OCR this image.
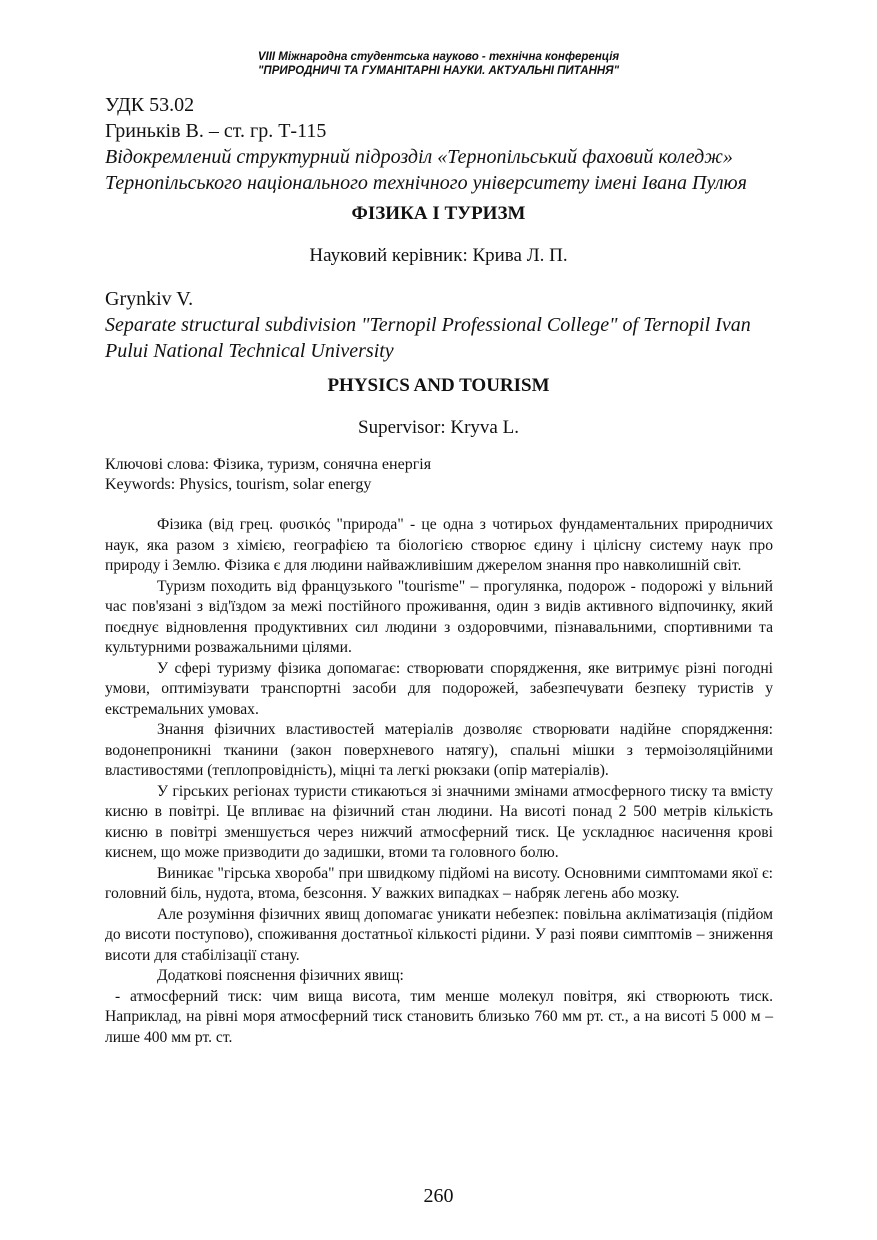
VIII Міжнародна студентська науково - технічна конференція
"ПРИРОДНИЧІ ТА ГУМАНІТАРНІ НАУКИ. АКТУАЛЬНІ ПИТАННЯ"
УДК 53.02
Гриньків В. – ст. гр. Т-115
Відокремлений структурний підрозділ «Тернопільський фаховий коледж»
Тернопільського національного технічного університету імені Івана Пулюя
ФІЗИКА І ТУРИЗМ
Науковий керівник: Крива Л. П.
Grynkiv V.
Separate structural subdivision "Ternopil Professional College" of Ternopil Ivan
Pului National Technical University
PHYSICS AND TOURISM
Supervisor: Kryva L.
Ключові слова: Фізика, туризм, сонячна енергія
Keywords: Physics, tourism, solar energy

Фізика (від грец. φυσικός "природа" - це одна з чотирьох фундаментальних природничих наук, яка разом з хімією, географією та біологією створює єдину і цілісну систему наук про природу і Землю. Фізика є для людини найважливішим джерелом знання про навколишній світ.

Туризм походить від французького "tourisme" – прогулянка, подорож - подорожі у вільний час пов'язані з від'їздом за межі постійного проживання, один з видів активного відпочинку, який поєднує відновлення продуктивних сил людини з оздоровчими, пізнавальними, спортивними та культурними розважальними цілями.

У сфері туризму фізика допомагає: створювати спорядження, яке витримує різні погодні умови, оптимізувати транспортні засоби для подорожей, забезпечувати безпеку туристів у екстремальних умовах.

Знання фізичних властивостей матеріалів дозволяє створювати надійне спорядження: водонепроникні тканини (закон поверхневого натягу), спальні мішки з термоізоляційними властивостями (теплопровідність), міцні та легкі рюкзаки (опір матеріалів).

У гірських регіонах туристи стикаються зі значними змінами атмосферного тиску та вмісту кисню в повітрі. Це впливає на фізичний стан людини. На висоті понад 2 500 метрів кількість кисню в повітрі зменшується через нижчий атмосферний тиск. Це ускладнює насичення крові киснем, що може призводити до задишки, втоми та головного болю.

Виникає "гірська хвороба" при швидкому підйомі на висоту. Основними симптомами якої є: головний біль, нудота, втома, безсоння. У важких випадках – набряк легень або мозку.

Але розуміння фізичних явищ допомагає уникати небезпек: повільна акліматизація (підйом до висоти поступово), споживання достатньої кількості рідини. У разі появи симптомів – зниження висоти для стабілізації стану.

Додаткові пояснення фізичних явищ:

- атмосферний тиск: чим вища висота, тим менше молекул повітря, які створюють тиск. Наприклад, на рівні моря атмосферний тиск становить близько 760 мм рт. ст., а на висоті 5 000 м – лише 400 мм рт. ст.

260
